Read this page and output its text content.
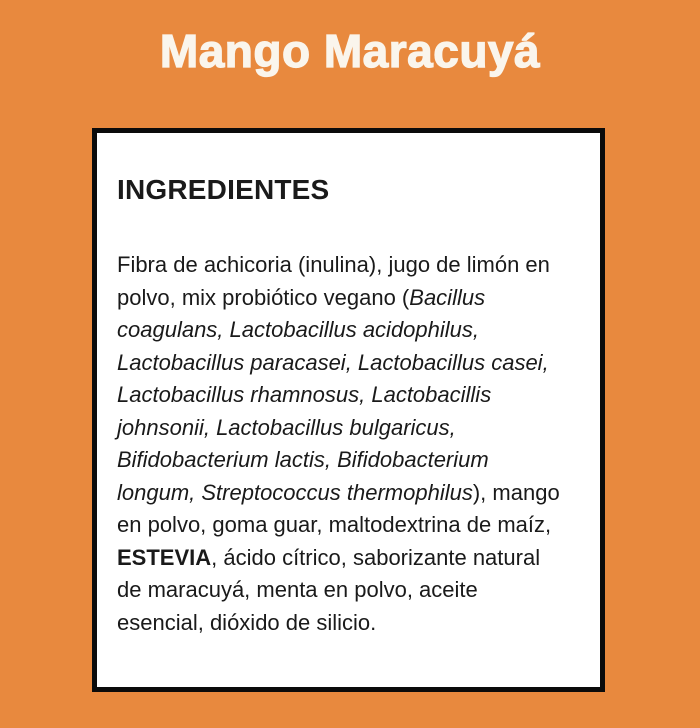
Mango Maracuyá
INGREDIENTES
Fibra de achicoria (inulina), jugo de limón en
polvo, mix probiótico vegano (Bacillus
coagulans, Lactobacillus acidophilus,
Lactobacillus paracasei, Lactobacillus casei,
Lactobacillus rhamnosus, Lactobacillis
johnsonii, Lactobacillus bulgaricus,
Bifidobacterium lactis, Bifidobacterium
longum, Streptococcus thermophilus), mango
en polvo, goma guar, maltodextrina de maíz,
ESTEVIA, ácido cítrico, saborizante natural
de maracuyá, menta en polvo, aceite
esencial, dióxido de silicio.
